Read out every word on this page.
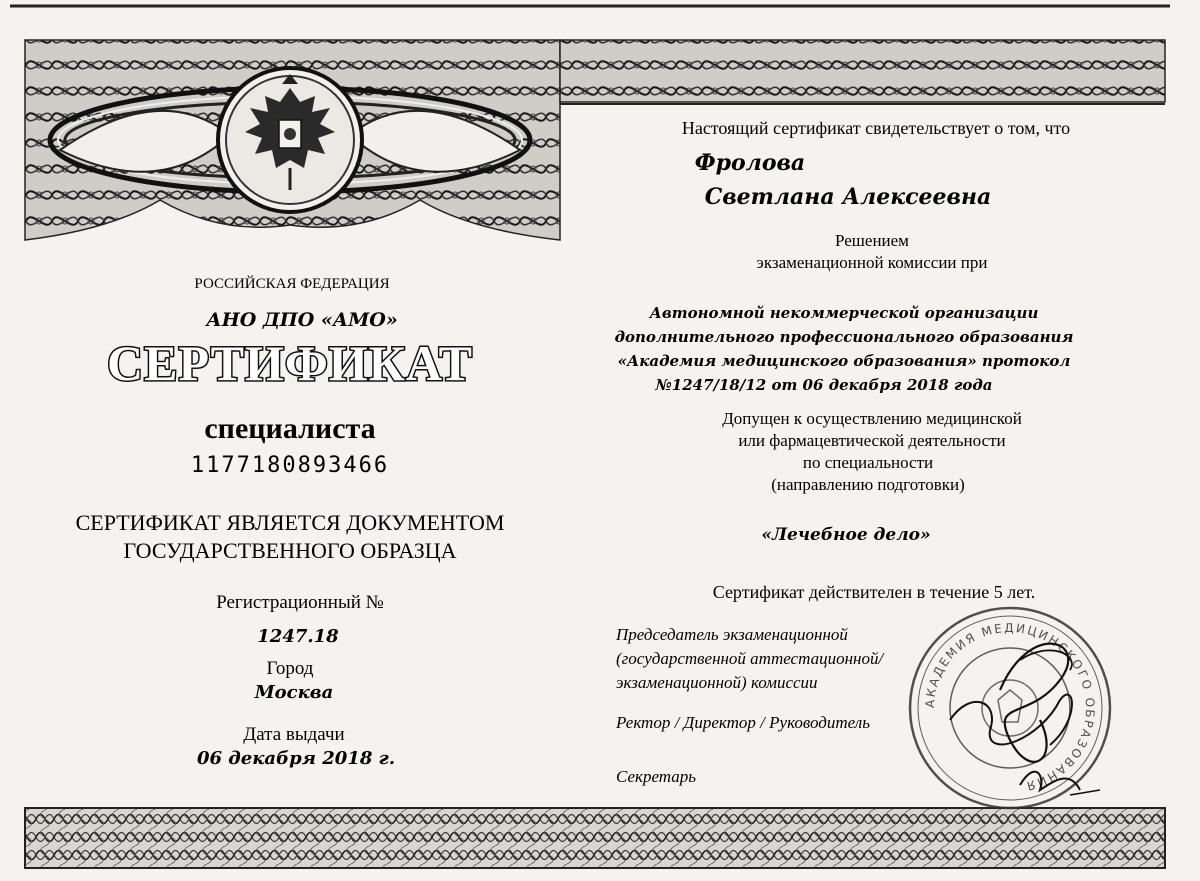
РОССИЙСКАЯ ФЕДЕРАЦИЯ
АНО ДПО «АМО»
СЕРТИФИКАТ
специалиста
1177180893466
СЕРТИФИКАТ ЯВЛЯЕТСЯ ДОКУМЕНТОМ
ГОСУДАРСТВЕННОГО ОБРАЗЦА
Регистрационный №
1247.18
Город
Москва
Дата выдачи
06 декабря 2018 г.
Настоящий сертификат свидетельствует о том, что
Фролова
Светлана Алексеевна
Решением
экзаменационной комиссии при
Автономной некоммерческой организации
дополнительного профессионального образования
«Академия медицинского образования» протокол
№1247/18/12 от 06 декабря 2018 года
Допущен к осуществлению медицинской
или фармацевтической деятельности
по специальности
(направлению подготовки)
«Лечебное дело»
Сертификат действителен в течение 5 лет.
Председатель экзаменационной
(государственной аттестационной/
экзаменационной) комиссии
Ректор / Директор / Руководитель
Секретарь
АКАДЕМИЯ МЕДИЦИНСКОГО ОБРАЗОВАНИЯ
